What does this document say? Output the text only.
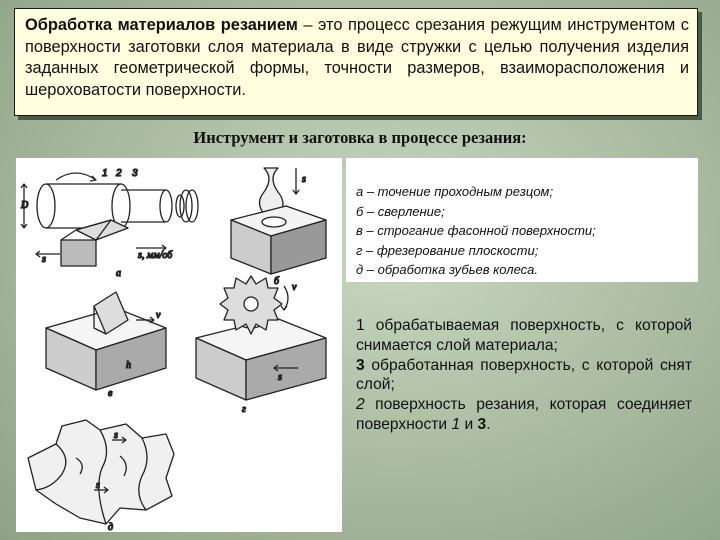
Обработка материалов резанием – это процесс срезания режущим инструментом с поверхности заготовки слоя материала в виде стружки с целью получения изделия заданных геометрической формы, точности размеров, взаиморасположения и шероховатости поверхности.
Инструмент и заготовка в процессе резания:
D
s
1 2 3
s, мм/об
а
s
б
v
h
в
v
s
г
s
s
д
а – точение проходным резцом;
б – сверление;
в – строгание фасонной поверхности;
г – фрезерование плоскости;
д – обработка зубьев колеса.

1 обрабатываемая поверхность, с которой снимается слой материала;

3 обработанная поверхность, с которой снят слой;

2 поверхность резания, которая соединяет поверхности 1 и 3.
